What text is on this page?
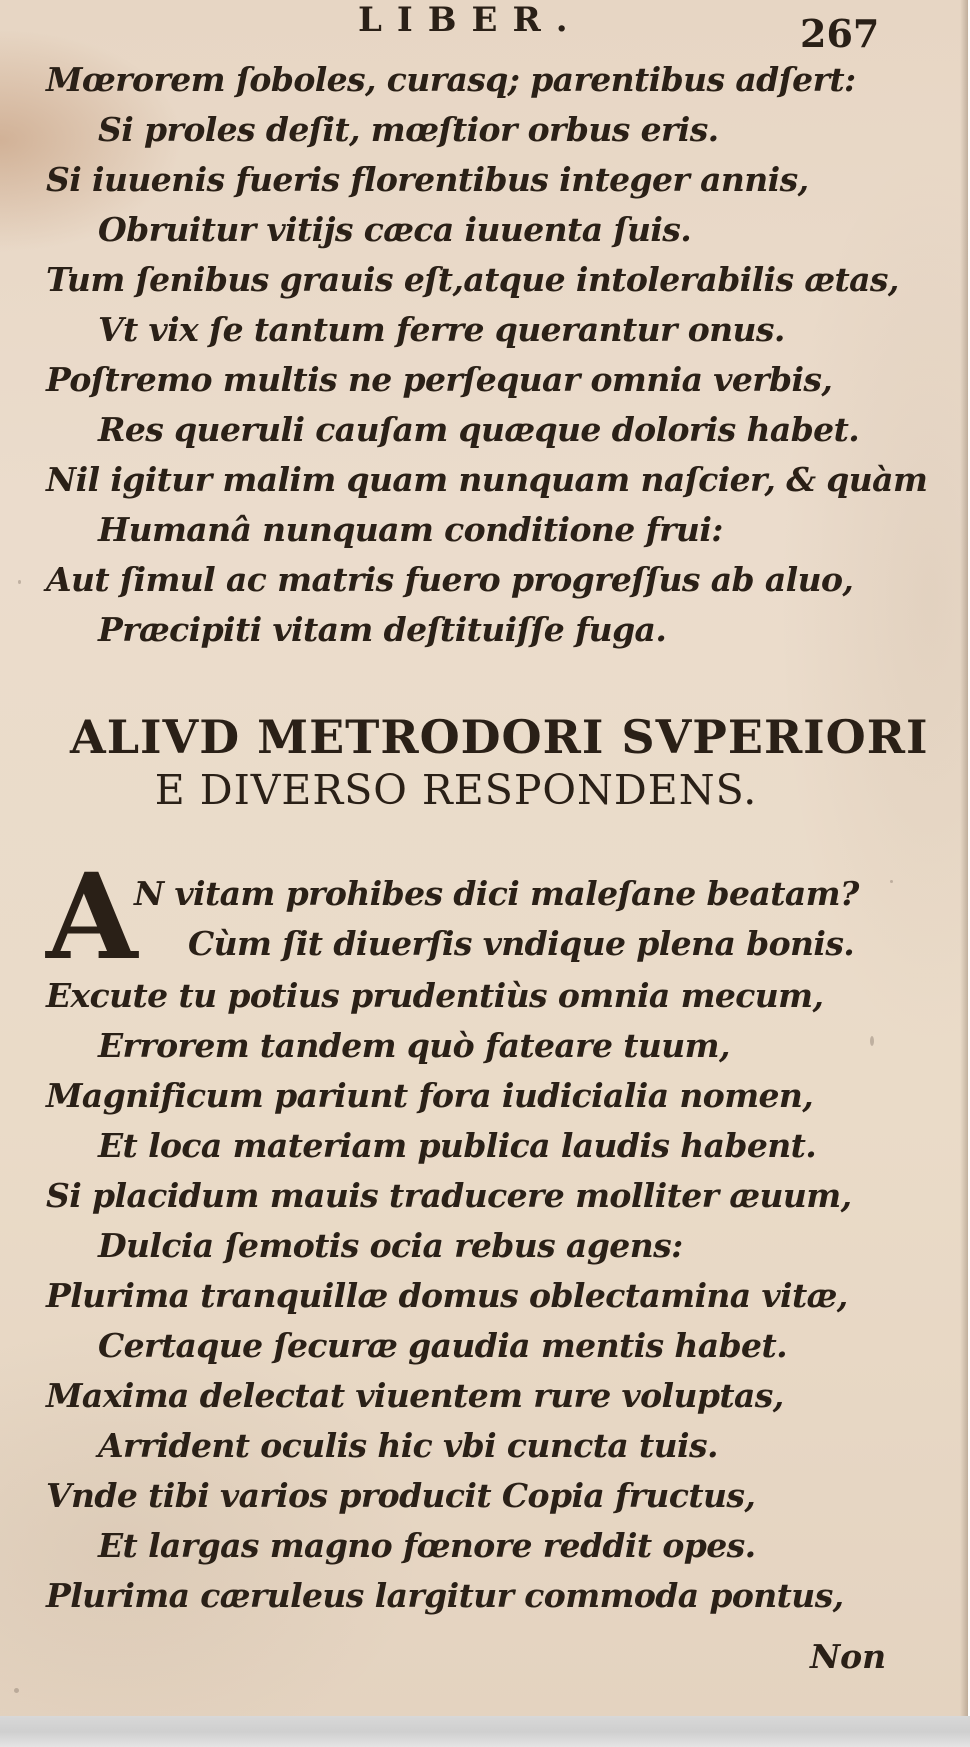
LIBER.	267
Mœrorem ſoboles, curasq; parentibus adſert:
Si proles deſit, mœſtior orbus eris.
Si iuuenis fueris florentibus integer annis,
Obruitur vitijs cæca iuuenta ſuis.
Tum ſenibus grauis eſt,atque intolerabilis ætas,
Vt vix ſe tantum ferre querantur onus.
Poſtremo multis ne perſequar omnia verbis,
Res queruli cauſam quæque doloris habet.
Nil igitur malim quam nunquam naſcier, & quàm
Humanâ nunquam conditione frui:
Aut ſimul ac matris fuero progreſſus ab aluo,
Præcipiti vitam deſtituiſſe fuga.
ALIVD METRODORI SVPERIORI
E DIVERSO RESPONDENS.
A
N vitam prohibes dici maleſane beatam?
Cùm ſit diuerſis vndique plena bonis.
Excute tu potius prudentiùs omnia mecum,
Errorem tandem quò fateare tuum,
Magnificum pariunt fora iudicialia nomen,
Et loca materiam publica laudis habent.
Si placidum mauis traducere molliter æuum,
Dulcia ſemotis ocia rebus agens:
Plurima tranquillæ domus oblectamina vitæ,
Certaque ſecuræ gaudia mentis habet.
Maxima delectat viuentem rure voluptas,
Arrident oculis hic vbi cuncta tuis.
Vnde tibi varios producit Copia fructus,
Et largas magno fœnore reddit opes.
Plurima cæruleus largitur commoda pontus,
Non
